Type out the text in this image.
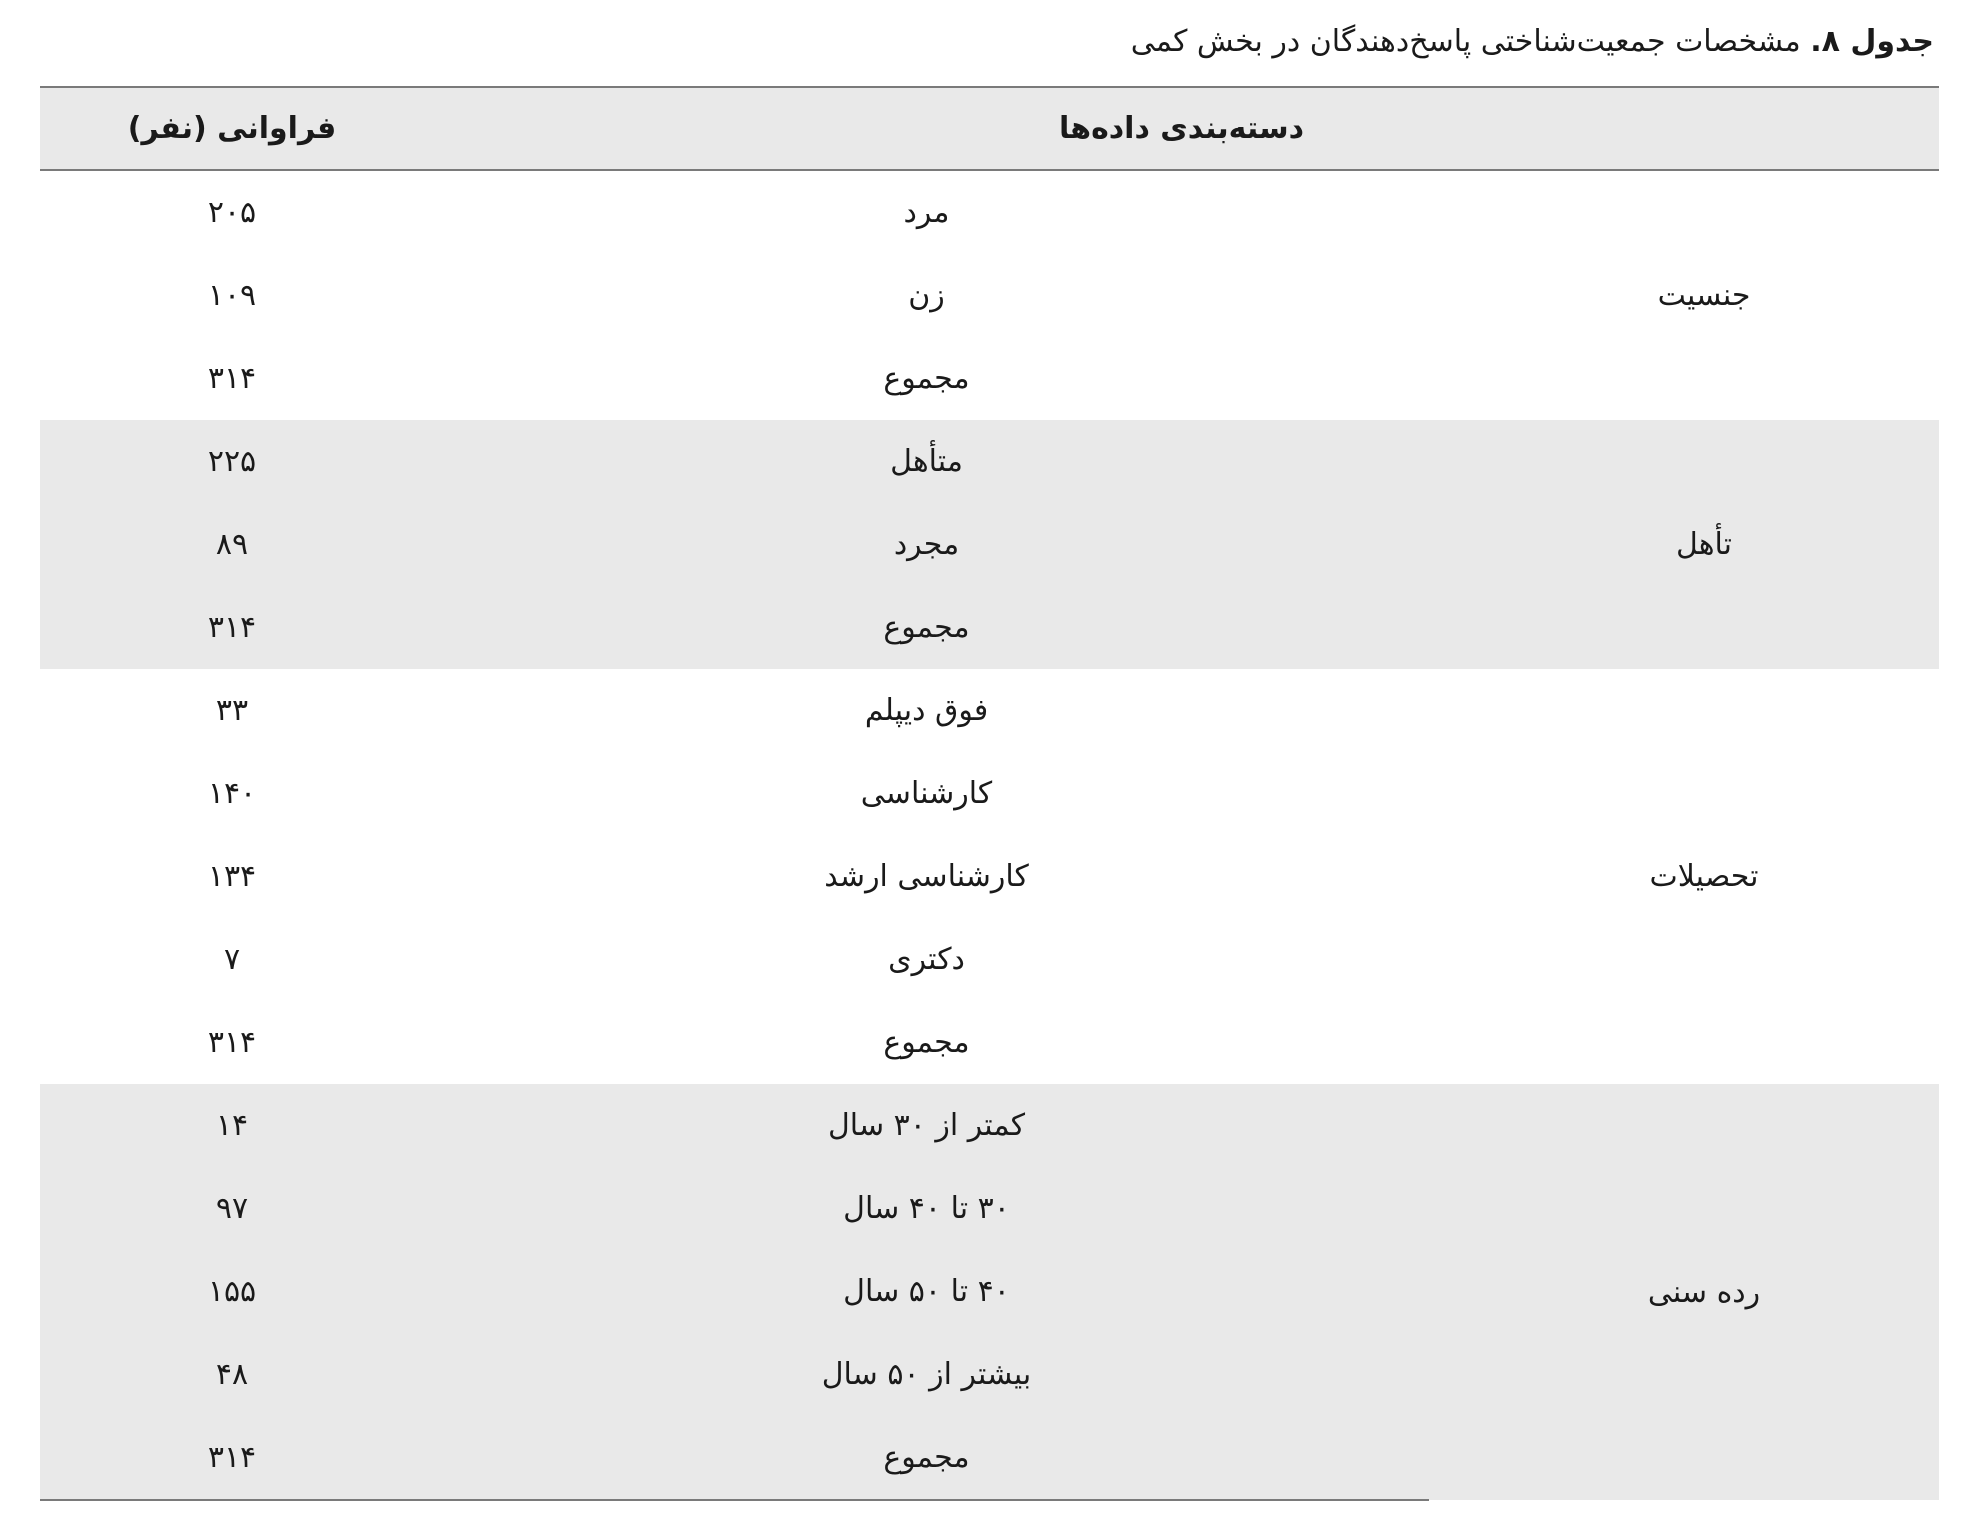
جدول ۸. مشخصات جمعیت‌شناختی پاسخ‌دهندگان در بخش کمی
دسته‌بندی داده‌ها		فراوانی (نفر)
جنسیت	مرد	۲۰۵
	زن	۱۰۹
	مجموع	۳۱۴
تأهل	متأهل	۲۲۵
	مجرد	۸۹
	مجموع	۳۱۴
تحصیلات	فوق دیپلم	۳۳
	کارشناسی	۱۴۰
	کارشناسی ارشد	۱۳۴
	دکتری	۷
	مجموع	۳۱۴
رده سنی	کمتر از ۳۰ سال	۱۴
	۳۰ تا ۴۰ سال	۹۷
	۴۰ تا ۵۰ سال	۱۵۵
	بیشتر از ۵۰ سال	۴۸
	مجموع	۳۱۴
